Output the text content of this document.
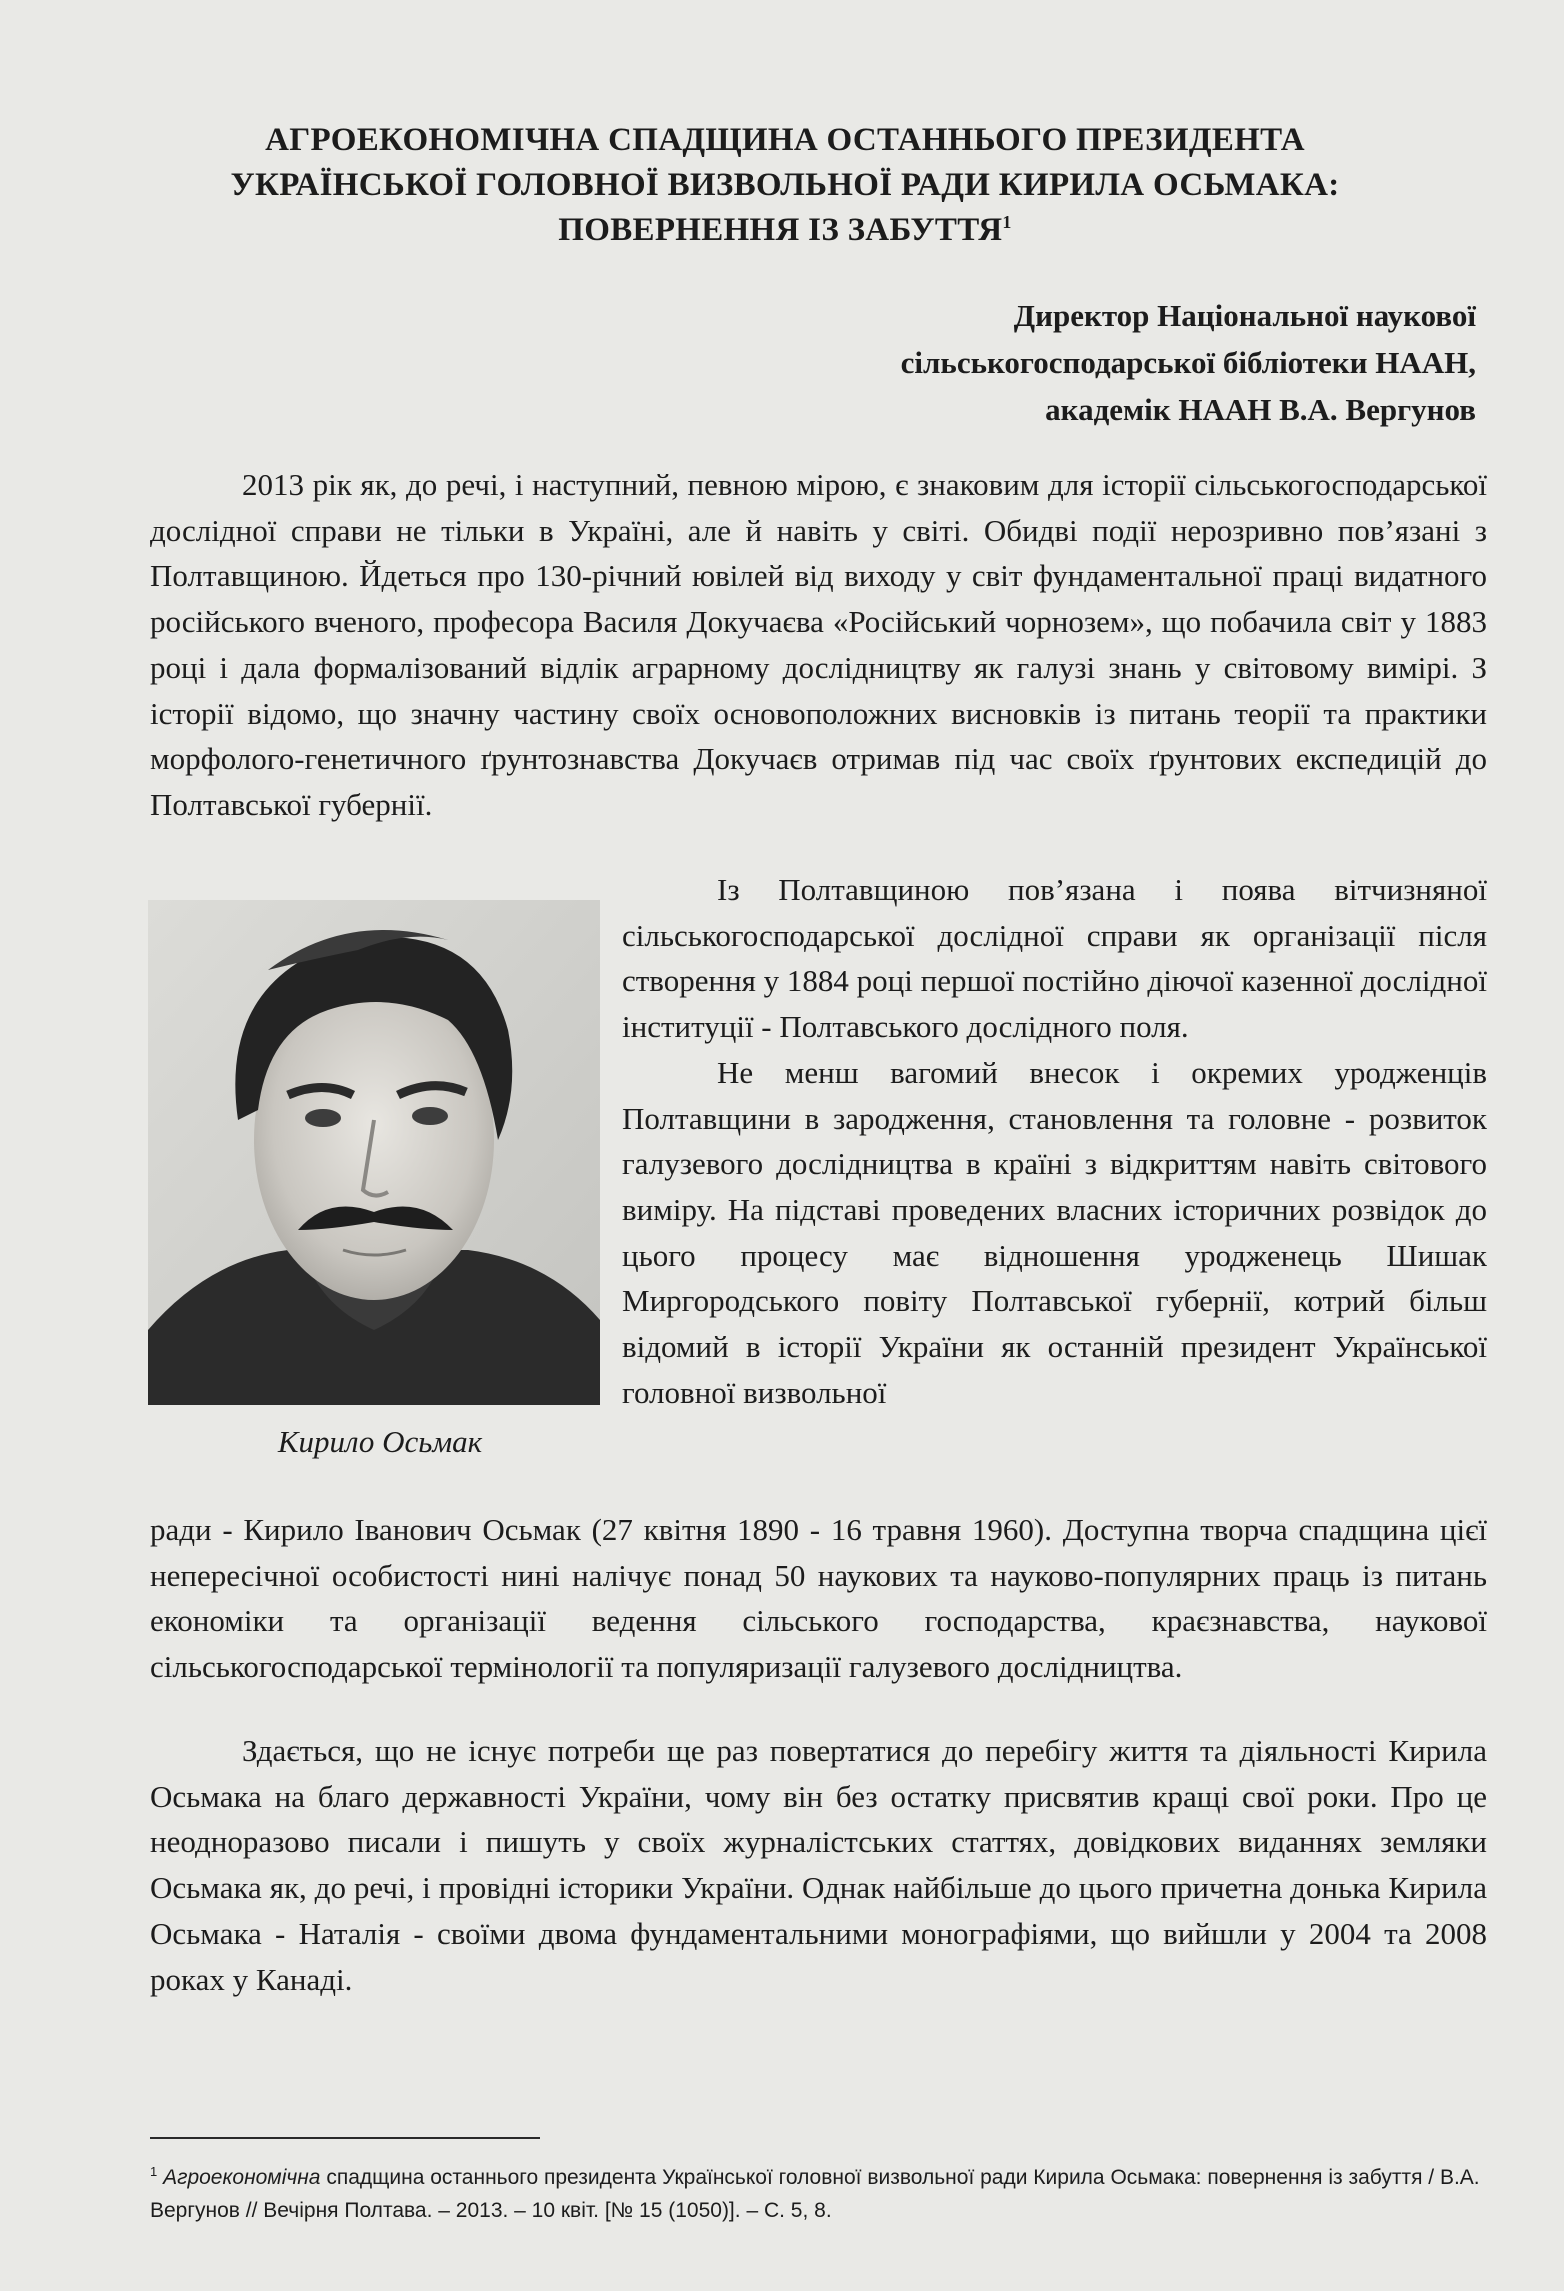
АГРОЕКОНОМІЧНА СПАДЩИНА ОСТАННЬОГО ПРЕЗИДЕНТА
УКРАЇНСЬКОЇ ГОЛОВНОЇ ВИЗВОЛЬНОЇ РАДИ КИРИЛА ОСЬМАКА:
ПОВЕРНЕННЯ ІЗ ЗАБУТТЯ$^1$
Директор Національної наукової
сільськогосподарської бібліотеки НААН,
академік НААН В.А. Вергунов

2013 рік як, до речі, і наступний, певною мірою, є знаковим для історії сільськогосподарської дослідної справи не тільки в Україні, але й навіть у світі. Обидві події нерозривно пов’язані з Полтавщиною. Йдеться про 130-річний ювілей від виходу у світ фундаментальної праці видатного російського вченого, професора Василя Докучаєва «Російський чорнозем», що побачила світ у 1883 році і дала формалізований відлік аграрному дослідництву як галузі знань у світовому вимірі. З історії відомо, що значну частину своїх основоположних висновків із питань теорії та практики морфолого-генетичного ґрунтознавства Докучаєв отримав під час своїх ґрунтових експедицій до Полтавської губернії.

Кирило Осьмак
Із Полтавщиною пов’язана і поява вітчизняної сільськогосподарської дослідної справи як організації після створення у 1884 році першої постійно діючої казенної дослідної інституції - Полтавського дослідного поля.
Не менш вагомий внесок і окремих уродженців Полтавщини в зародження, становлення та головне - розвиток галузевого дослідництва в країні з відкриттям навіть світового виміру. На підставі проведених власних історичних розвідок до цього процесу має відношення уродженець Шишак Миргородського повіту Полтавської губернії, котрий більш відомий в історії України як останній президент Української головної визвольної

ради - Кирило Іванович Осьмак (27 квітня 1890 - 16 травня 1960). Доступна творча спадщина цієї непересічної особистості нині налічує понад 50 наукових та науково-популярних праць із питань економіки та організації ведення сільського господарства, краєзнавства, наукової сільськогосподарської термінології та популяризації галузевого дослідництва.

Здається, що не існує потреби ще раз повертатися до перебігу життя та діяльності Кирила Осьмака на благо державності України, чому він без остатку присвятив кращі свої роки. Про це неодноразово писали і пишуть у своїх журналістських статтях, довідкових виданнях земляки Осьмака як, до речі, і провідні історики України. Однак найбільше до цього причетна донька Кирила Осьмака - Наталія - своїми двома фундаментальними монографіями, що вийшли у 2004 та 2008 роках у Канаді.

$^1$ Агроекономічна спадщина останнього президента Української головної визвольної ради Кирила Осьмака: повернення із забуття / В.А. Вергунов // Вечірня Полтава. – 2013. – 10 квіт. [№ 15 (1050)]. – С. 5, 8.
